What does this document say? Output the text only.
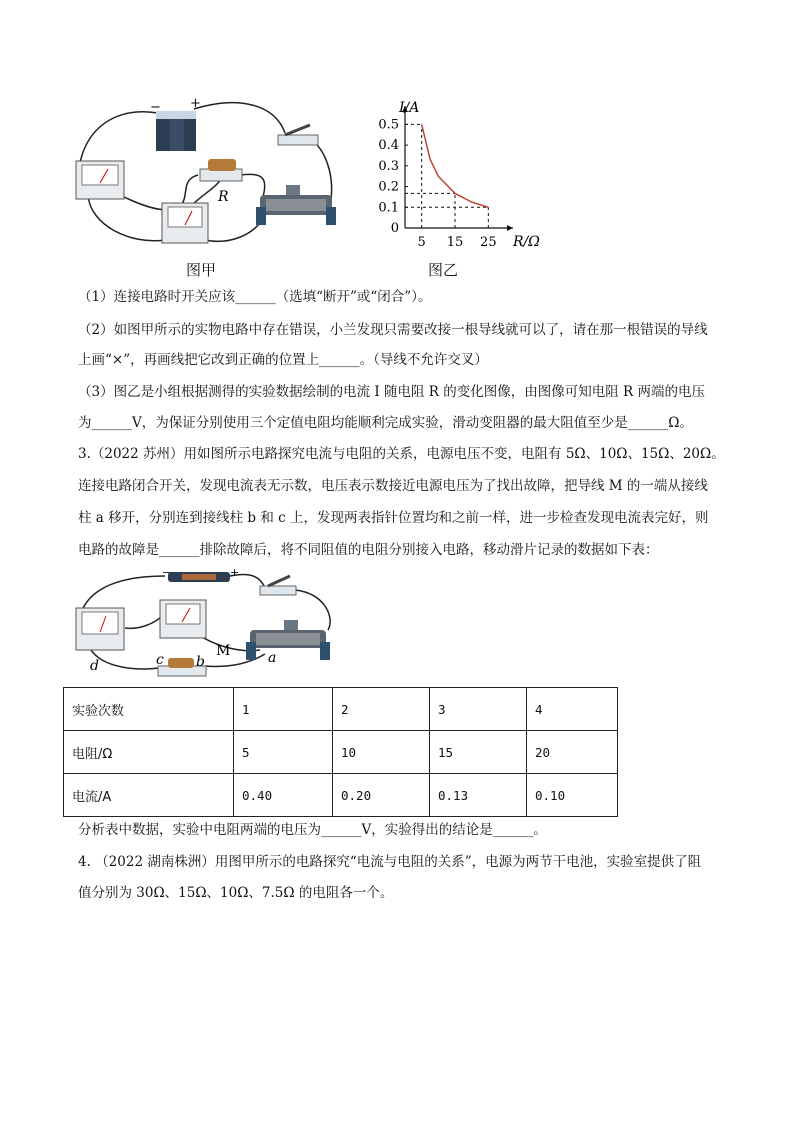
− +
R
I/A
R/Ω
0.5
0.4
0.3
0.2
0.1
0
5 15 25
图甲	图乙
（1）连接电路时开关应该______（选填“断开”或“闭合”）。
（2）如图甲所示的实物电路中存在错误，小兰发现只需要改接一根导线就可以了，请在那一根错误的导线
上画“×”，再画线把它改到正确的位置上______。（导线不允许交叉）
（3）图乙是小组根据测得的实验数据绘制的电流 I 随电阻 R 的变化图像，由图像可知电阻 R 两端的电压
为______V，为保证分别使用三个定值电阻均能顺利完成实验，滑动变阻器的最大阻值至少是______Ω。
3.（2022 苏州）用如图所示电路探究电流与电阻的关系，电源电压不变，电阻有 5Ω、10Ω、15Ω、20Ω。
连接电路闭合开关，发现电流表无示数，电压表示数接近电源电压为了找出故障，把导线 M 的一端从接线
柱 a 移开，分别连到接线柱 b 和 c 上，发现两表指针位置均和之前一样，进一步检查发现电流表完好，则
电路的故障是______排除故障后，将不同阻值的电阻分别接入电路，移动滑片记录的数据如下表：
−	+
d	c b
M	a
实验次数	1	2	3	4
电阻/Ω	5	10	15	20
电流/A	0.40	0.20	0.13	0.10
分析表中数据，实验中电阻两端的电压为______V，实验得出的结论是______。
4. （2022 湖南株洲）用图甲所示的电路探究“电流与电阻的关系”，电源为两节干电池，实验室提供了阻
值分别为 30Ω、15Ω、10Ω、7.5Ω 的电阻各一个。
